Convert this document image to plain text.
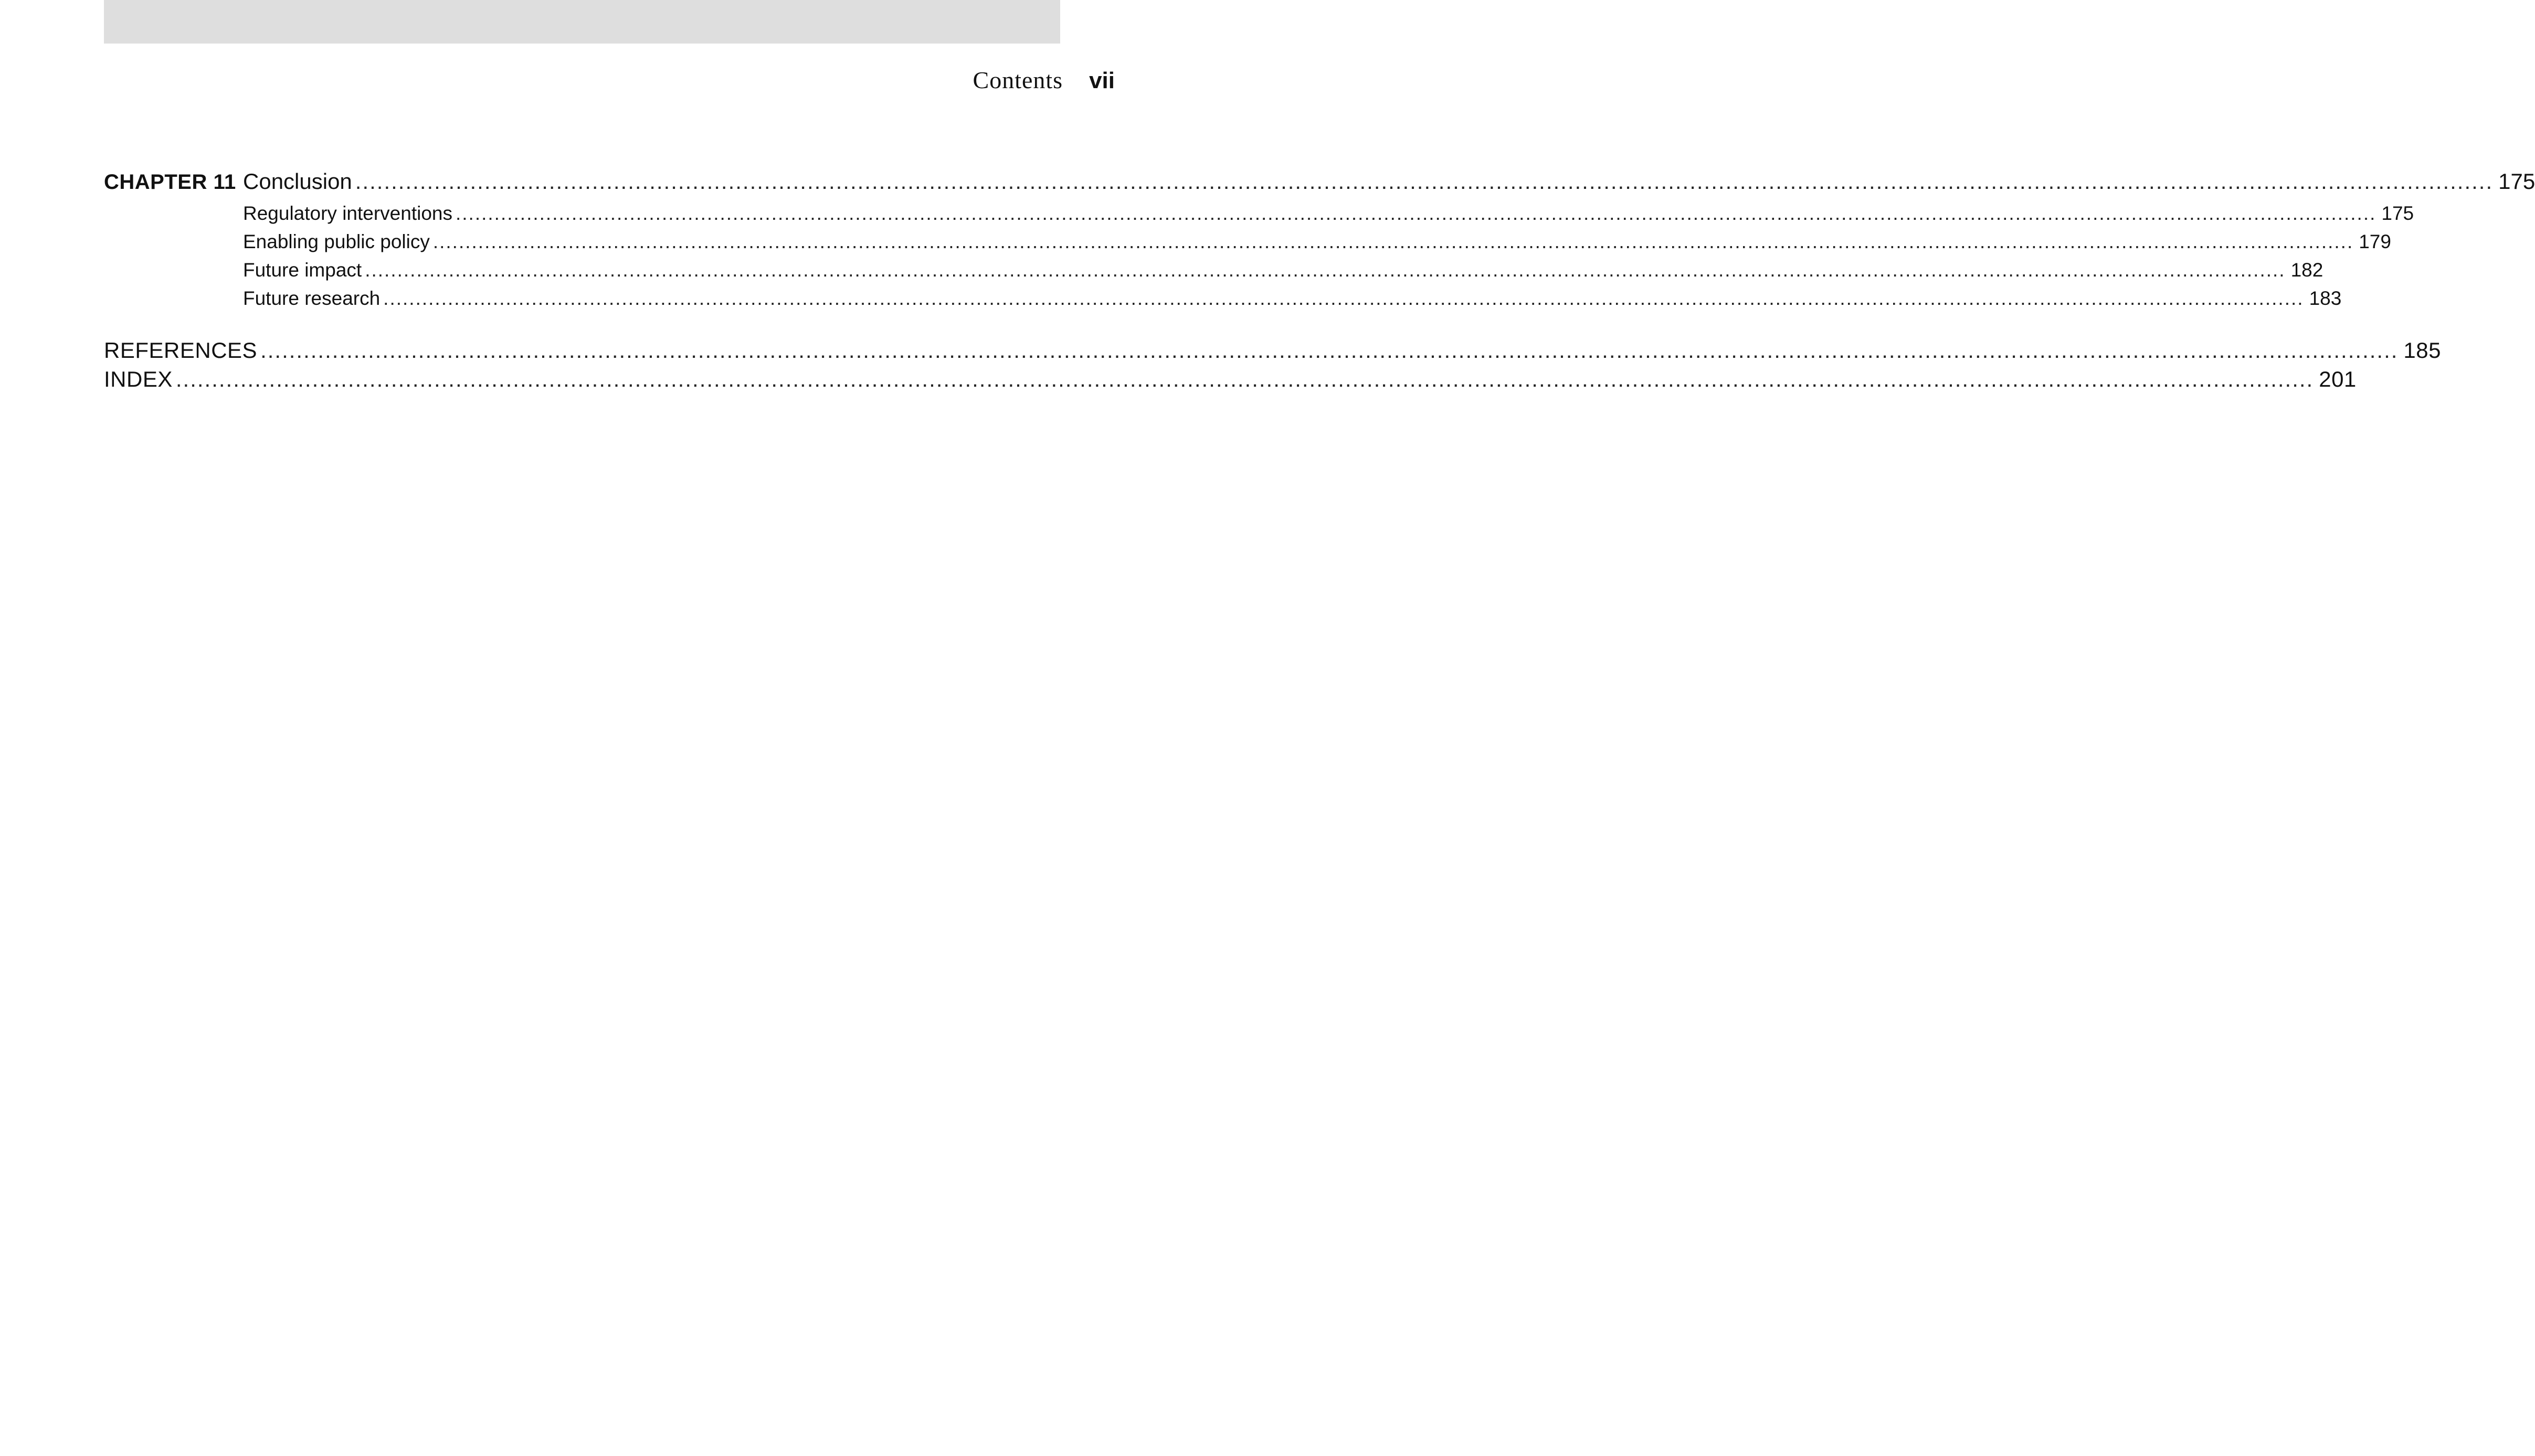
Contents vii
CHAPTER 11 Conclusion .....	175
Regulatory interventions .....	175
Enabling public policy .....	179
Future impact .....	182
Future research .....	183
REFERENCES .....	185
INDEX .....	201
